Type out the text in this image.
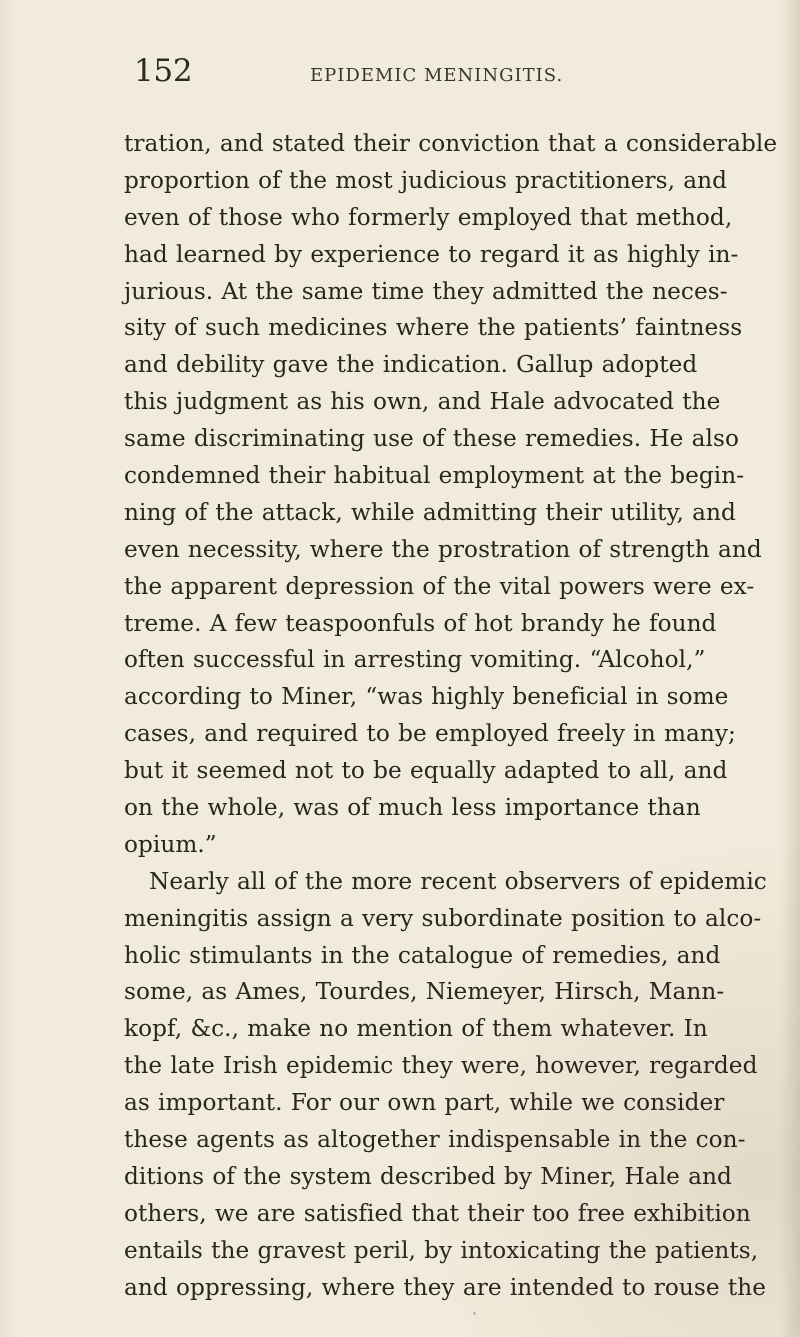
152	EPIDEMIC MENINGITIS.
tration, and stated their conviction that a considerable
proportion of the most judicious practitioners, and
even of those who formerly employed that method,
had learned by experience to regard it as highly in-
jurious. At the same time they admitted the neces-
sity of such medicines where the patients’ faintness
and debility gave the indication. Gallup adopted
this judgment as his own, and Hale advocated the
same discriminating use of these remedies. He also
condemned their habitual employment at the begin-
ning of the attack, while admitting their utility, and
even necessity, where the prostration of strength and
the apparent depression of the vital powers were ex-
treme. A few teaspoonfuls of hot brandy he found
often successful in arresting vomiting. “Alcohol,”
according to Miner, “was highly beneficial in some
cases, and required to be employed freely in many;
but it seemed not to be equally adapted to all, and
on the whole, was of much less importance than
opium.”
Nearly all of the more recent observers of epidemic
meningitis assign a very subordinate position to alco-
holic stimulants in the catalogue of remedies, and
some, as Ames, Tourdes, Niemeyer, Hirsch, Mann-
kopf, &c., make no mention of them whatever. In
the late Irish epidemic they were, however, regarded
as important. For our own part, while we consider
these agents as altogether indispensable in the con-
ditions of the system described by Miner, Hale and
others, we are satisfied that their too free exhibition
entails the gravest peril, by intoxicating the patients,
and oppressing, where they are intended to rouse the
